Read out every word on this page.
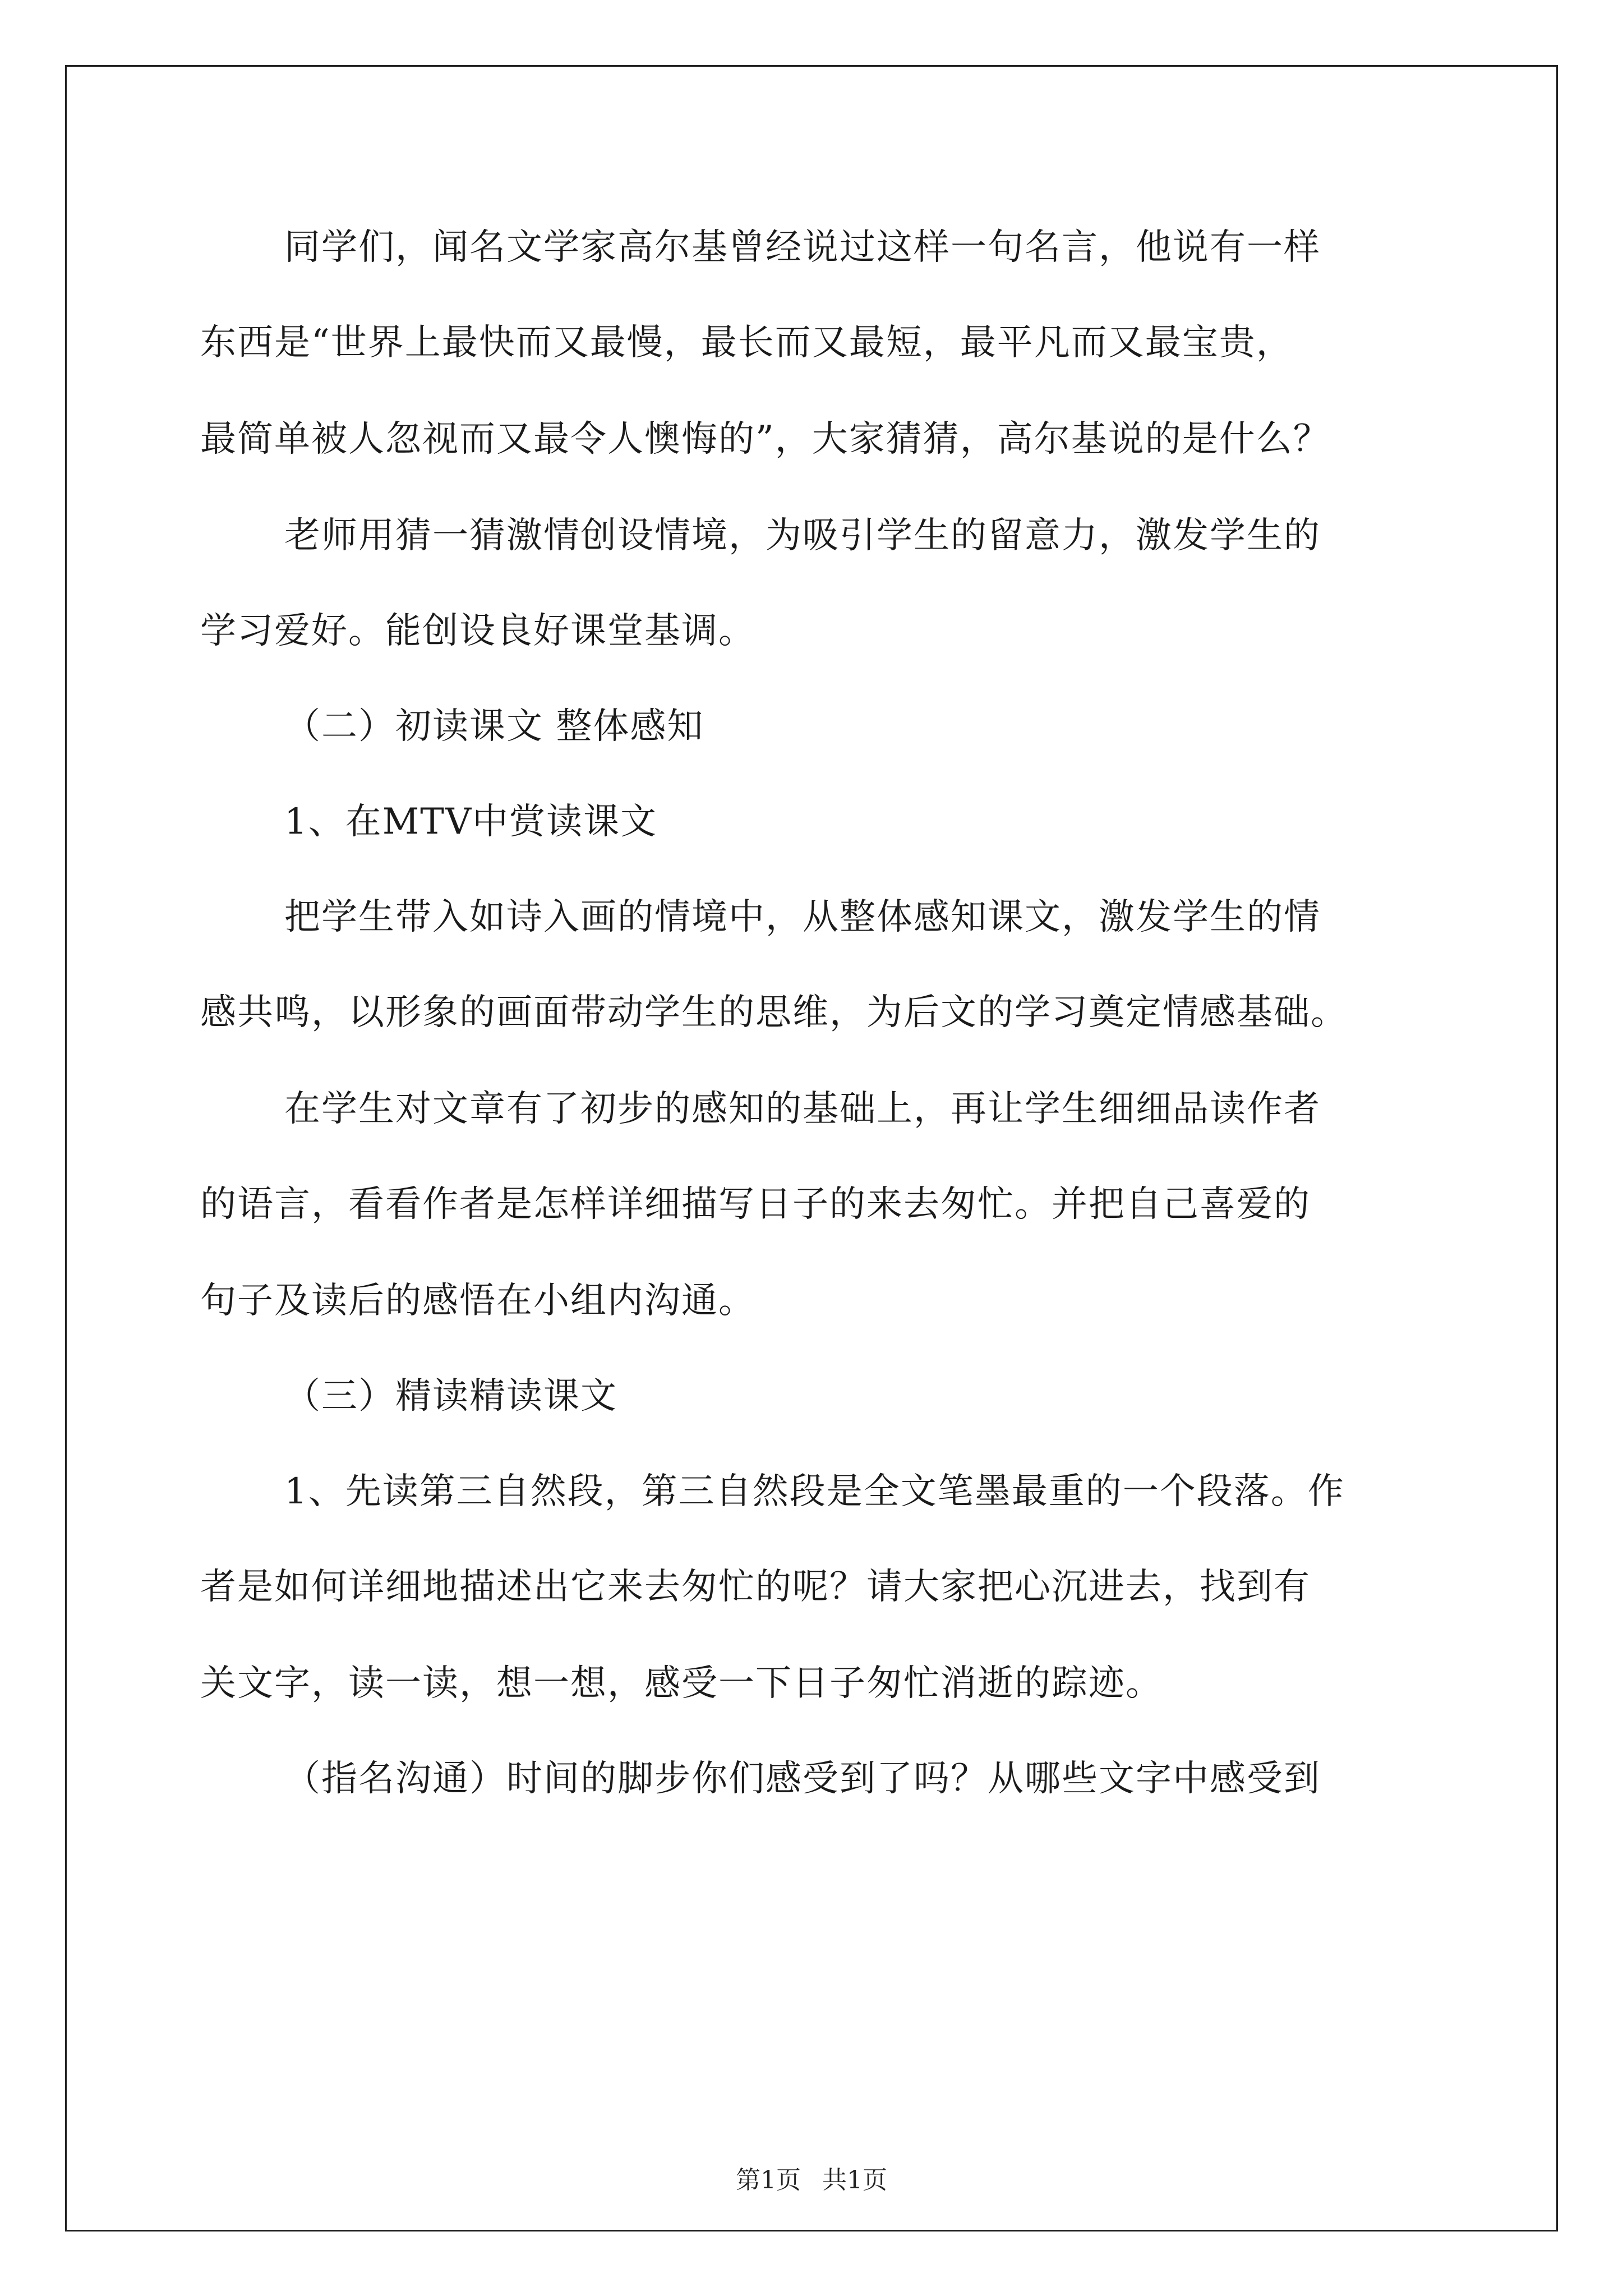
同学们，闻名文学家高尔基曾经说过这样一句名言，他说有一样
东西是“世界上最快而又最慢，最长而又最短，最平凡而又最宝贵，
最简单被人忽视而又最令人懊悔的”，大家猜猜，高尔基说的是什么？
老师用猜一猜激情创设情境，为吸引学生的留意力，激发学生的
学习爱好。能创设良好课堂基调。
（二）初读课文 整体感知
1、在MTV中赏读课文
把学生带入如诗入画的情境中，从整体感知课文，激发学生的情
感共鸣，以形象的画面带动学生的思维，为后文的学习奠定情感基础。
在学生对文章有了初步的感知的基础上，再让学生细细品读作者
的语言，看看作者是怎样详细描写日子的来去匆忙。并把自己喜爱的
句子及读后的感悟在小组内沟通。
（三）精读精读课文
1、先读第三自然段，第三自然段是全文笔墨最重的一个段落。作
者是如何详细地描述出它来去匆忙的呢？请大家把心沉进去，找到有
关文字，读一读，想一想，感受一下日子匆忙消逝的踪迹。
（指名沟通）时间的脚步你们感受到了吗？从哪些文字中感受到
第1页 共1页
